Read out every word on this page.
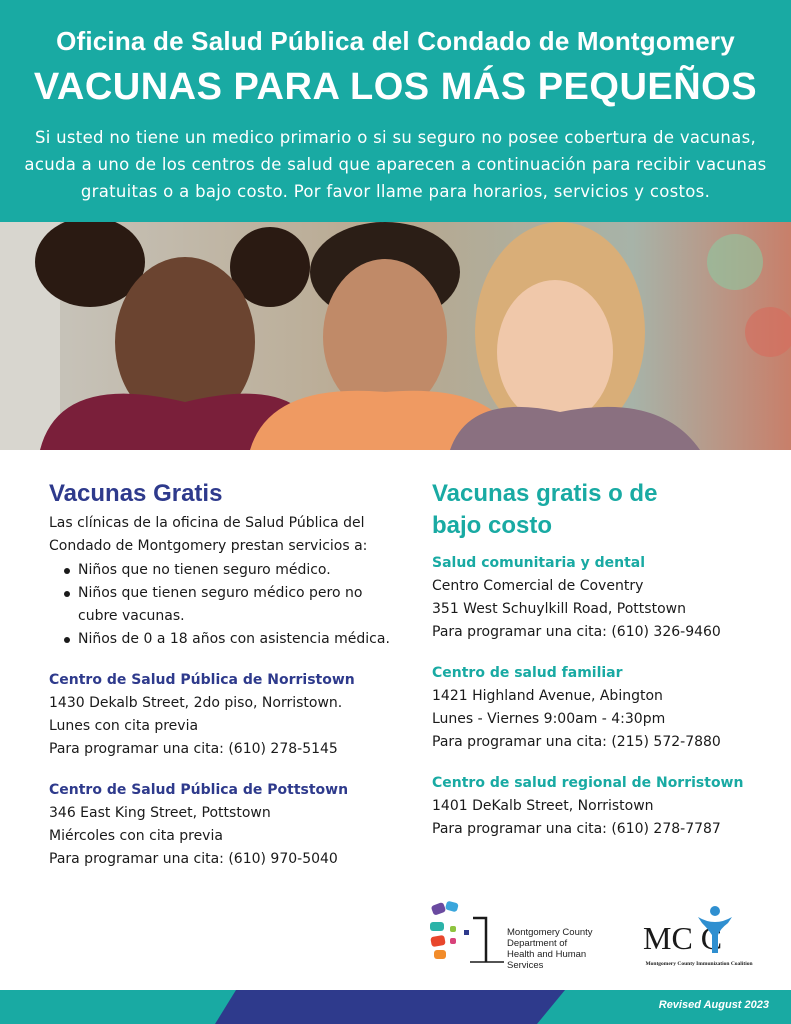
Oficina de Salud Pública del Condado de Montgomery
VACUNAS PARA LOS MÁS PEQUEÑOS
Si usted no tiene un medico primario o si su seguro no posee cobertura de vacunas, acuda a uno de los centros de salud que aparecen a continuación para recibir vacunas gratuitas o a bajo costo. Por favor llame para horarios, servicios y costos.
Vacunas Gratis
Las clínicas de la oficina de Salud Pública del Condado de Montgomery prestan servicios a:
Niños que no tienen seguro médico.
Niños que tienen seguro médico pero no cubre vacunas.
Niños de 0 a 18 años con asistencia médica.
Centro de Salud Pública de Norristown
1430 Dekalb Street, 2do piso, Norristown.
Lunes con cita previa
Para programar una cita: (610) 278-5145
Centro de Salud Pública de Pottstown
346 East King Street, Pottstown
Miércoles con cita previa
Para programar una cita: (610) 970-5040
Vacunas gratis o de bajo costo
Salud comunitaria y dental
Centro Comercial de Coventry
351 West Schuylkill Road, Pottstown
Para programar una cita: (610) 326-9460
Centro de salud familiar
1421 Highland Avenue, Abington
Lunes - Viernes 9:00am - 4:30pm
Para programar una cita: (215) 572-7880
Centro de salud regional de Norristown
1401 DeKalb Street, Norristown
Para programar una cita: (610) 278-7787
Montgomery County
Department of
Health and Human Services
MC C
Montgomery County Immunization Coalition
Revised August 2023
